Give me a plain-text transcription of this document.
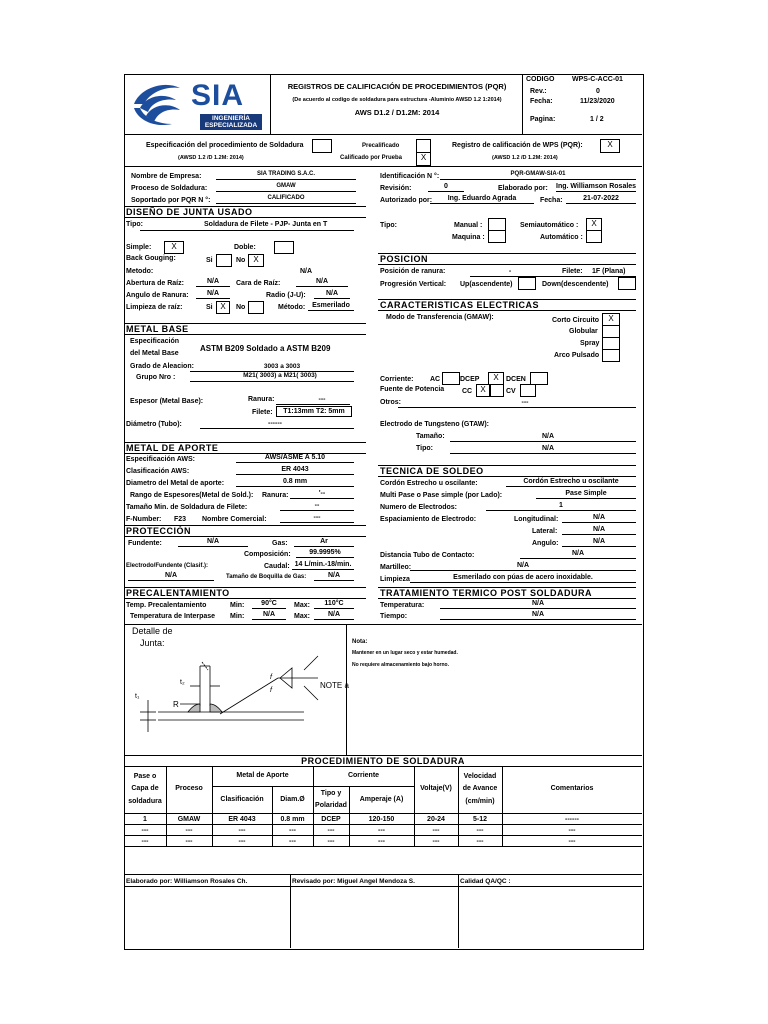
SIA
INGENIERÍA
ESPECIALIZADA
REGISTROS DE CALIFICACIÓN DE PROCEDIMIENTOS (PQR)
(De acuerdo al codigo de soldadura para estructura -Aluminio AWSD 1.2 1:2014)
AWS D1.2 / D1.2M: 2014
CODIGO	WPS-C-ACC-01
Rev.:	0
Fecha:	11/23/2020
Pagina:	1 / 2
Especificación del procedimiento de Soldadura
(AWSD 1.2 /D 1.2M: 2014)
Precalificado
Calificado por Prueba	X
Registro de calificación de WPS (PQR):	X
(AWSD 1.2 /D 1.2M: 2014)
Nombre de Empresa:	SIA TRADING S.A.C.
Proceso de Soldadura:	GMAW
Soportado por PQR N °:	CALIFICADO
Identificación N °:	PQR-GMAW-SIA-01
Revisión:	0	Elaborado por: Ing. Williamson Rosales
Autorizado por:	Ing. Eduardo Agrada	Fecha:	21-07-2022
DISEÑO DE JUNTA USADO
Tipo:	Soldadura de Filete - PJP- Junta en T
Simple:	X	Doble:
Back Gouging:	Si	No X
Metodo:	N/A
Abertura de Raíz:	N/A	Cara de Raíz:	N/A
Angulo de Ranura:	N/A	Radio (J-U):	N/A
Limpieza de raíz:	Si X	No	Método: Esmerilado
Tipo:	Manual :
Maquina :
Semiautomático :	X
Automático :
POSICION
Posición de ranura:	-	Filete: 1F (Plana)
Progresión Vertical: Up(ascendente)	Down(descendente)
CARACTERISTICAS ELECTRICAS
Modo de Transferencia (GMAW):	Corto Circuito	X
Globular
Spray
Arco Pulsado
Corriente: AC	DCEP	X	DCEN
Fuente de Potencia	CC	X	CV
Otros:	---
Electrodo de Tungsteno (GTAW):
Tamaño:	N/A
Tipo:	N/A
METAL BASE
Especificación
del Metal Base
ASTM B209 Soldado a ASTM B209
Grado de Aleacion:	3003 a 3003
Grupo Nro :	M21( 3003) a M21( 3003)
Espesor (Metal Base):	Ranura:	---
Filete:	T1:13mm T2: 5mm
Diámetro (Tubo):	------
METAL DE APORTE
Especificación AWS:	AWS/ASME A 5.10
Clasificación AWS:	ER 4043
Diametro del Metal de aporte:	0.8 mm
Rango de Espesores(Metal de Sold.): Ranura:	'--
Tamaño Min. de Soldadura de Filete:	--
F-Number: F23 Nombre Comercial:	---
PROTECCIÓN
Fundente:	N/A	Gas:	Ar
Composición:	99.9995%
Electrodo/Fundente (Clasif.):	Caudal: 14 L/min.-18/min.
N/A	Tamaño de Boquilla de Gas:	N/A
TECNICA DE SOLDEO
Cordón Estrecho u oscilante:	Cordón Estrecho u oscilante
Multi Pase o Pase simple (por Lado):	Pase Simple
Numero de Electrodos:	1
Espaciamiento de Electrodo:	Longitudinal:	N/A
Lateral:	N/A
Angulo:	N/A
Distancia Tubo de Contacto:	N/A
Martilleo:	N/A
Limpieza	Esmerilado con púas de acero inoxidable.
PRECALENTAMIENTO
Temp. Precalentamiento	Min:	90°C	Max:	110°C
Temperatura de Interpase Min:	N/A	Max:	N/A
TRATAMIENTO TERMICO POST SOLDADURA
Temperatura:	N/A
Tiempo:	N/A
Detalle de
Junta:
t₁
t₂
R
f
f
NOTE a
Nota:
Mantener en un lugar seco y estar humedad.
No requiere almacenamiento bajo horno.
PROCEDIMIENTO DE SOLDADURA
Pase o
Capa de
soldadura
Proceso
Metal de Aporte
Clasificación	Diam.Ø
Corriente
Tipo y
Polaridad
Amperaje (A)
Voltaje(V)
Velocidad
de Avance
(cm/min)
Comentarios
1	GMAW	ER 4043	0.8 mm	DCEP	120-150	20-24	5-12	------
---	---	---	---	---	---	---	---	---
---	---	---	---	---	---	---	---	---
Elaborado por: Williamson Rosales Ch.	Revisado por: Miguel Angel Mendoza S.	Calidad QA/QC :
